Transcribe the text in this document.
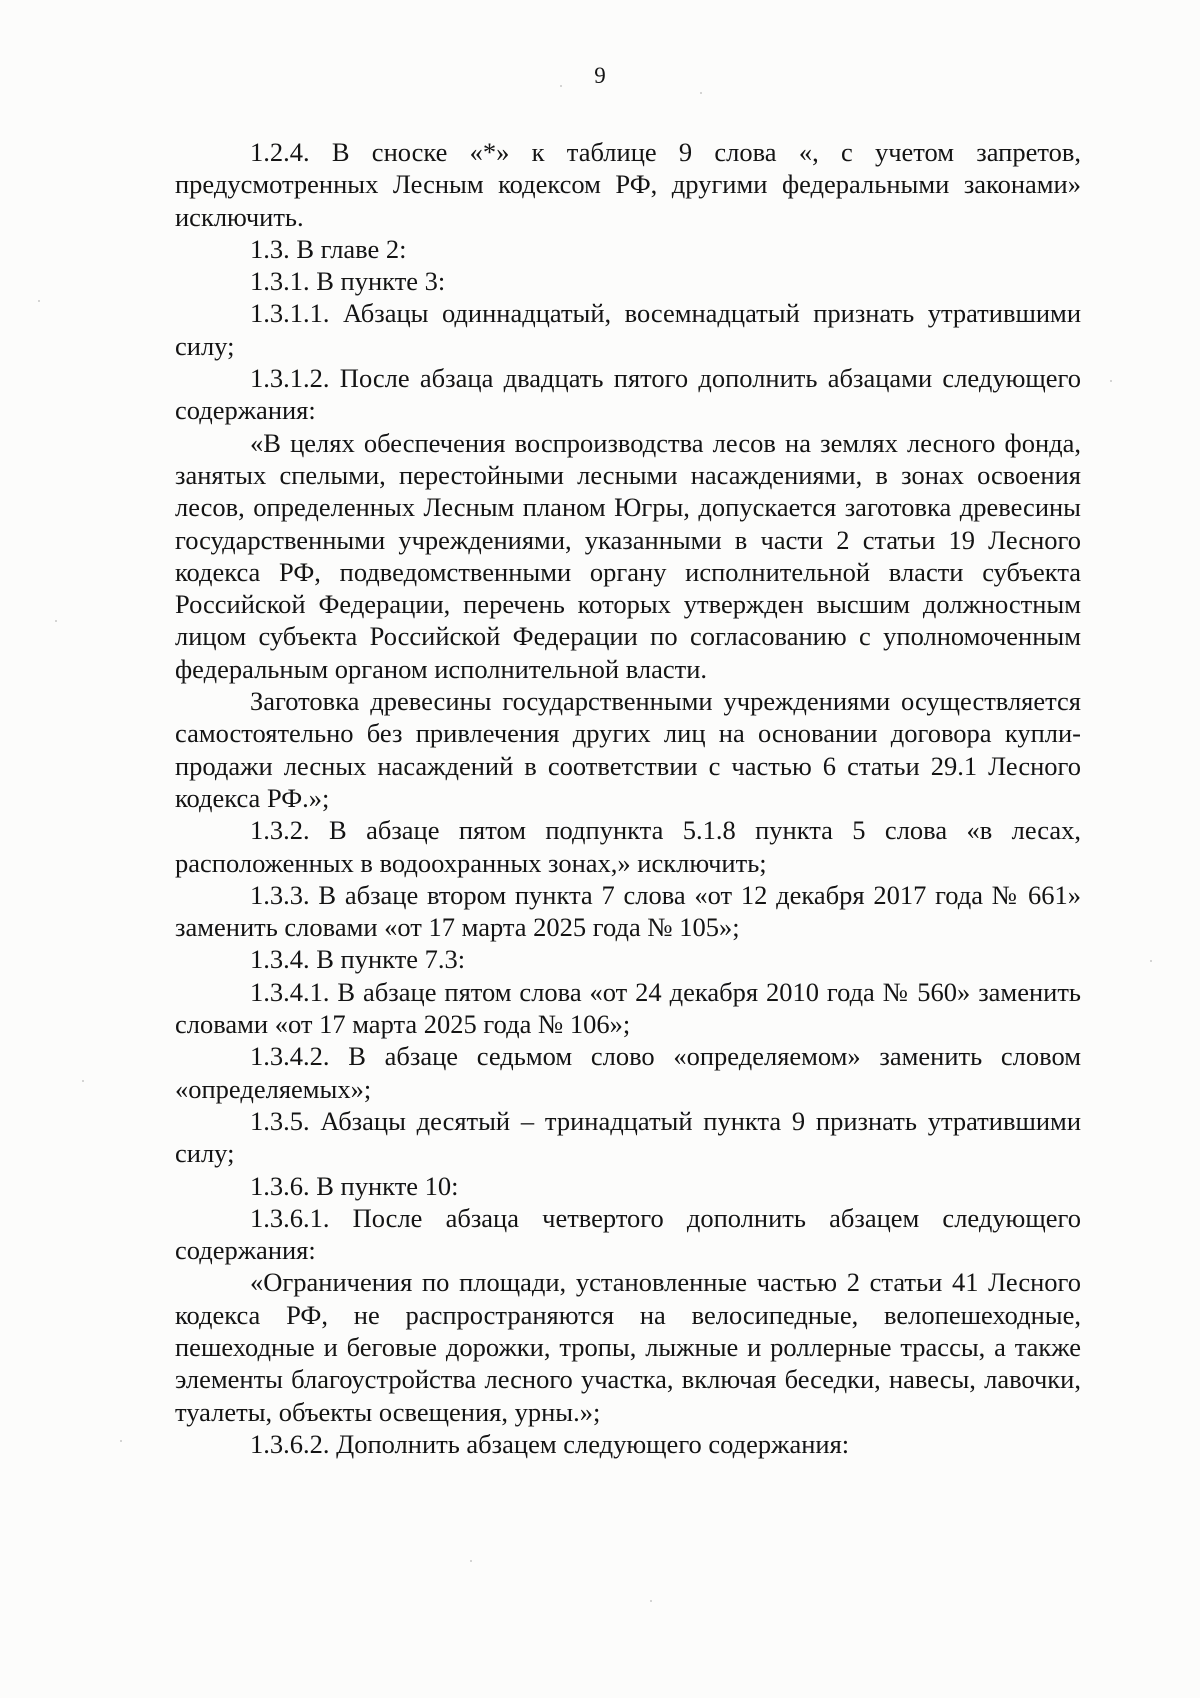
9

1.2.4. В сноске «*» к таблице 9 слова «, с учетом запретов, предусмотренных Лесным кодексом РФ, другими федеральными законами» исключить.

1.3. В главе 2:

1.3.1. В пункте 3:

1.3.1.1. Абзацы одиннадцатый, восемнадцатый признать утратившими силу;

1.3.1.2. После абзаца двадцать пятого дополнить абзацами следующего содержания:

«В целях обеспечения воспроизводства лесов на землях лесного фонда, занятых спелыми, перестойными лесными насаждениями, в зонах освоения лесов, определенных Лесным планом Югры, допускается заготовка древесины государственными учреждениями, указанными в части 2 статьи 19 Лесного кодекса РФ, подведомственными органу исполнительной власти субъекта Российской Федерации, перечень которых утвержден высшим должностным лицом субъекта Российской Федерации по согласованию с уполномоченным федеральным органом исполнительной власти.

Заготовка древесины государственными учреждениями осуществляется самостоятельно без привлечения других лиц на основании договора купли-продажи лесных насаждений в соответствии с частью 6 статьи 29.1 Лесного кодекса РФ.»;

1.3.2. В абзаце пятом подпункта 5.1.8 пункта 5 слова «в лесах, расположенных в водоохранных зонах,» исключить;

1.3.3. В абзаце втором пункта 7 слова «от 12 декабря 2017 года № 661» заменить словами «от 17 марта 2025 года № 105»;

1.3.4. В пункте 7.3:

1.3.4.1. В абзаце пятом слова «от 24 декабря 2010 года № 560» заменить словами «от 17 марта 2025 года № 106»;

1.3.4.2. В абзаце седьмом слово «определяемом» заменить словом «определяемых»;

1.3.5. Абзацы десятый – тринадцатый пункта 9 признать утратившими силу;

1.3.6. В пункте 10:

1.3.6.1. После абзаца четвертого дополнить абзацем следующего содержания:

«Ограничения по площади, установленные частью 2 статьи 41 Лесного кодекса РФ, не распространяются на велосипедные, велопешеходные, пешеходные и беговые дорожки, тропы, лыжные и роллерные трассы, а также элементы благоустройства лесного участка, включая беседки, навесы, лавочки, туалеты, объекты освещения, урны.»;

1.3.6.2. Дополнить абзацем следующего содержания:
